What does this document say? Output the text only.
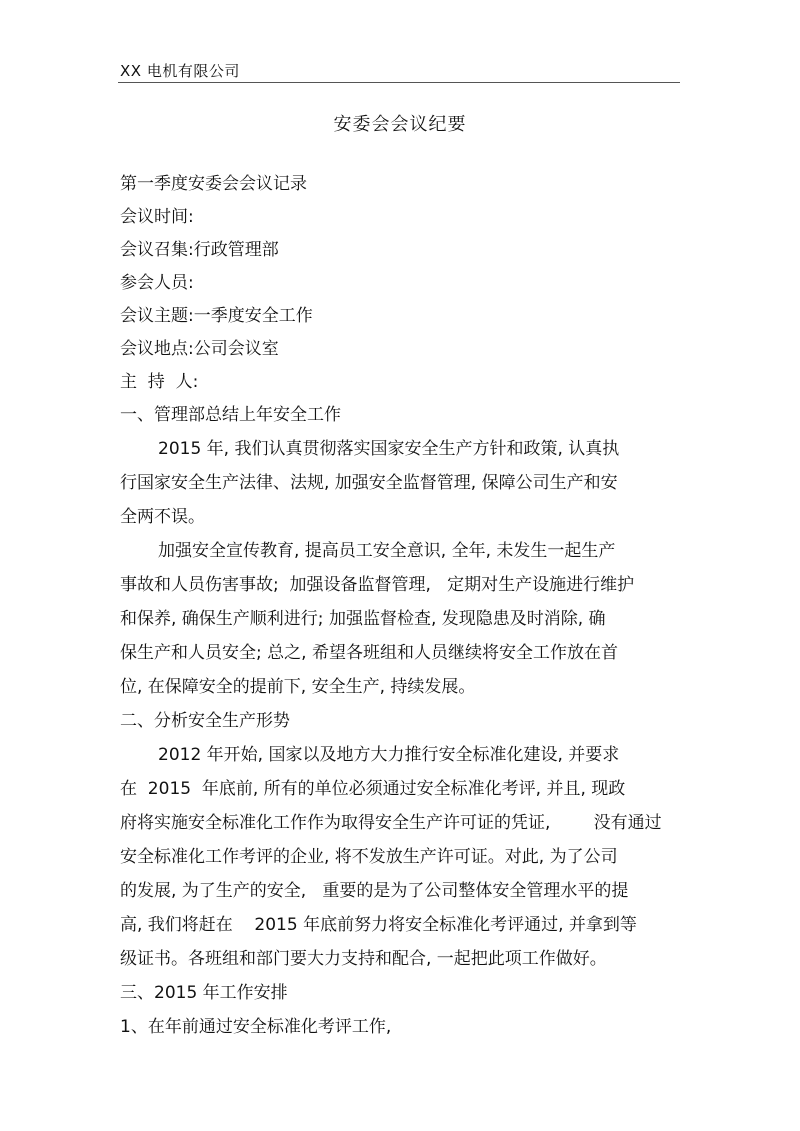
XX 电机有限公司
安委会会议纪要
第一季度安委会会议记录
会议时间:
会议召集:行政管理部
参会人员:
会议主题:一季度安全工作
会议地点:公司会议室
主  持  人:
一、管理部总结上年安全工作
2015 年, 我们认真贯彻落实国家安全生产方针和政策, 认真执
行国家安全生产法律、法规, 加强安全监督管理, 保障公司生产和安
全两不误。
加强安全宣传教育, 提高员工安全意识, 全年, 未发生一起生产
事故和人员伤害事故;  加强设备监督管理,   定期对生产设施进行维护
和保养, 确保生产顺利进行; 加强监督检查, 发现隐患及时消除, 确
保生产和人员安全; 总之, 希望各班组和人员继续将安全工作放在首
位, 在保障安全的提前下, 安全生产, 持续发展。
二、分析安全生产形势
2012 年开始, 国家以及地方大力推行安全标准化建设, 并要求
在  2015  年底前, 所有的单位必须通过安全标准化考评, 并且, 现政
府将实施安全标准化工作作为取得安全生产许可证的凭证,        没有通过
安全标准化工作考评的企业, 将不发放生产许可证。对此, 为了公司
的发展, 为了生产的安全,   重要的是为了公司整体安全管理水平的提
高, 我们将赶在    2015 年底前努力将安全标准化考评通过, 并拿到等
级证书。各班组和部门要大力支持和配合, 一起把此项工作做好。
三、2015 年工作安排
1、在年前通过安全标准化考评工作,
